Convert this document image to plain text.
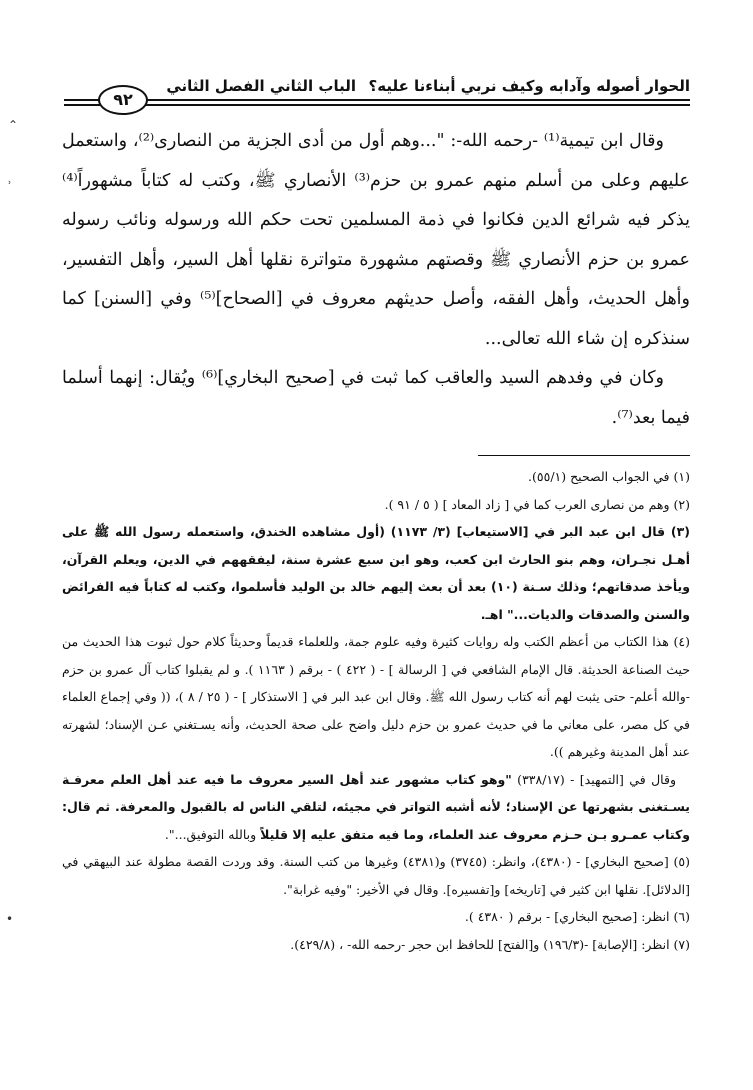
الحوار أصوله وآدابه وكيف نربي أبناءنا عليه؟
الباب الثاني الفصل الثاني
٩٢
⌃
˒
•

وقال ابن تيمية⁽¹⁾ -رحمه الله-: "...وهم أول من أدى الجزية من النصارى⁽²⁾، واستعمل عليهم وعلى من أسلم منهم عمرو بن حزم⁽³⁾ الأنصاري ﷺ، وكتب له كتاباً مشهوراً⁽⁴⁾ يذكر فيه شرائع الدين فكانوا في ذمة المسلمين تحت حكم الله ورسوله ونائب رسوله عمرو بن حزم الأنصاري ﷺ وقصتهم مشهورة متواترة نقلها أهل السير، وأهل التفسير، وأهل الحديث، وأهل الفقه، وأصل حديثهم معروف في [الصحاح]⁽⁵⁾ وفي [السنن] كما سنذكره إن شاء الله تعالى...

وكان في وفدهم السيد والعاقب كما ثبت في [صحيح البخاري]⁽⁶⁾ ويُقال: إنهما أسلما فيما بعد⁽⁷⁾.

(١) في الجواب الصحيح (٥٥/١).

(٢) وهم من نصارى العرب كما في [ زاد المعاد ] ( ٥ / ٩١ ).

(٣) قال ابن عبد البر في [الاستيعاب] (٣/ ١١٧٣) (أول مشاهده الخندق، واستعمله رسول الله ﷺ على أهـل نجـران، وهم بنو الحارث ابن كعب، وهو ابن سبع عشرة سنة، ليفقههم في الدين، ويعلم القرآن، ويأخذ صدقاتهم؛ وذلك سـنة (١٠) بعد أن بعث إليهم خالد بن الوليد فأسلموا، وكتب له كتاباً فيه الفرائض والسنن والصدقات والديات..." اهـ.

(٤) هذا الكتاب من أعظم الكتب وله روايات كثيرة وفيه علوم جمة، وللعلماء قديماً وحديثاً كلام حول ثبوت هذا الحديث من حيث الصناعة الحديثة. قال الإمام الشافعي في [ الرسالة ] - ( ٤٢٢ ) - برقم ( ١١٦٣ ). و لم يقبلوا كتاب آل عمرو بن حزم -والله أعلم- حتى يثبت لهم أنه كتاب رسول الله ﷺ. وقال ابن عبد البر في [ الاستذكار ] - ( ٢٥ / ٨ )، (( وفي إجماع العلماء في كل مصر، على معاني ما في حديث عمرو بن حزم دليل واضح على صحة الحديث، وأنه يسـتغني عـن الإسناد؛ لشهرته عند أهل المدينة وغيرهم )).

وقال في [التمهيد] - (٣٣٨/١٧) "وهو كتاب مشهور عند أهل السير معروف ما فيه عند أهل العلم معرفـة يسـتغنى بشهرتها عن الإسناد؛ لأنه أشبه التواتر في مجيئه، لتلقي الناس له بالقبول والمعرفة. ثم قال: وكتاب عمـرو بـن حـزم معروف عند العلماء، وما فيه متفق عليه إلا قليلاً وبالله التوفيق...".

(٥) [صحيح البخاري] - (٤٣٨٠)، وانظر: (٣٧٤٥) و(٤٣٨١) وغيرها من كتب السنة. وقد وردت القصة مطولة عند البيهقي في [الدلائل]. نقلها ابن كثير في [تاريخه] و[تفسيره]. وقال في الأخير: "وفيه غرابة".

(٦) انظر: [صحيح البخاري] - برقم ( ٤٣٨٠ ).

(٧) انظر: [الإصابة] -(١٩٦/٣) و[الفتح] للحافظ ابن حجر -رحمه الله- ، (٤٢٩/٨).
